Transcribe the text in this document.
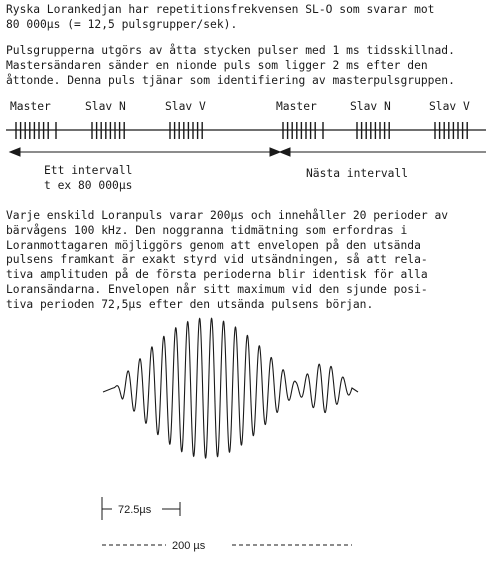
Ryska Lorankedjan har repetitionsfrekvensen SL-O som svarar mot
80 000µs (= 12,5 pulsgrupper/sek).
Pulsgrupperna utgörs av åtta stycken pulser med 1 ms tidsskillnad.
Mastersändaren sänder en nionde puls som ligger 2 ms efter den
åttonde. Denna puls tjänar som identifiering av masterpulsgruppen.
Master	Slav N	Slav V	Master	Slav N	Slav V
Ett intervall
t ex 80 000µs
Nästa intervall
Varje enskild Loranpuls varar 200µs och innehåller 20 perioder av
bärvågens 100 kHz. Den noggranna tidmätning som erfordras i
Loranmottagaren möjliggörs genom att envelopen på den utsända
pulsens framkant är exakt styrd vid utsändningen, så att rela-
tiva amplituden på de första perioderna blir identisk för alla
Loransändarna. Envelopen når sitt maximum vid den sjunde posi-
tiva perioden 72,5µs efter den utsända pulsens början.
72.5µs
200 µs
